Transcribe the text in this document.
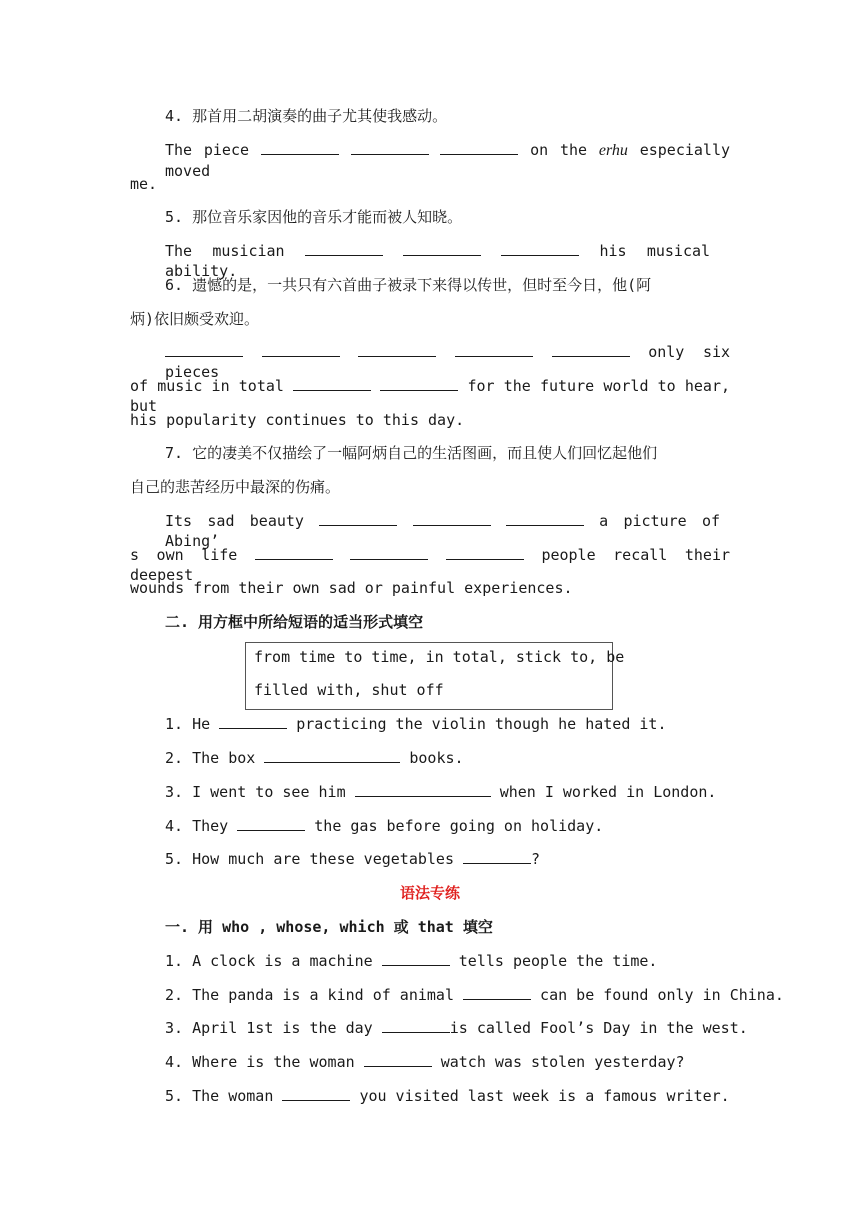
4. 那首用二胡演奏的曲子尤其使我感动。
The piece	on the erhu especially moved
me.
5. 那位音乐家因他的音乐才能而被人知晓。
The musician	his musical ability.
6. 遗憾的是，一共只有六首曲子被录下来得以传世，但时至今日，他(阿
炳)依旧颇受欢迎。
only six pieces
of music in total	for the future world to hear, but
his popularity continues to this day.
7. 它的凄美不仅描绘了一幅阿炳自己的生活图画，而且使人们回忆起他们
自己的悲苦经历中最深的伤痛。
Its sad beauty	a picture of Abing’
s own life	people recall their deepest
wounds from their own sad or painful experiences.
二. 用方框中所给短语的适当形式填空
from time to time, in total, stick to, be
filled with, shut off
1. He	practicing the violin though he hated it.
2. The box	books.
3. I went to see him	when I worked in London.
4. They	the gas before going on holiday.
5. How much are these vegetables	?
语法专练
一. 用 who , whose, which 或 that 填空
1. A clock is a machine	tells people the time.
2. The panda is a kind of animal	can be found only in China.
3. April 1st is the day	is called Fool’s Day in the west.
4. Where is the woman	watch was stolen yesterday?
5. The woman	you visited last week is a famous writer.
